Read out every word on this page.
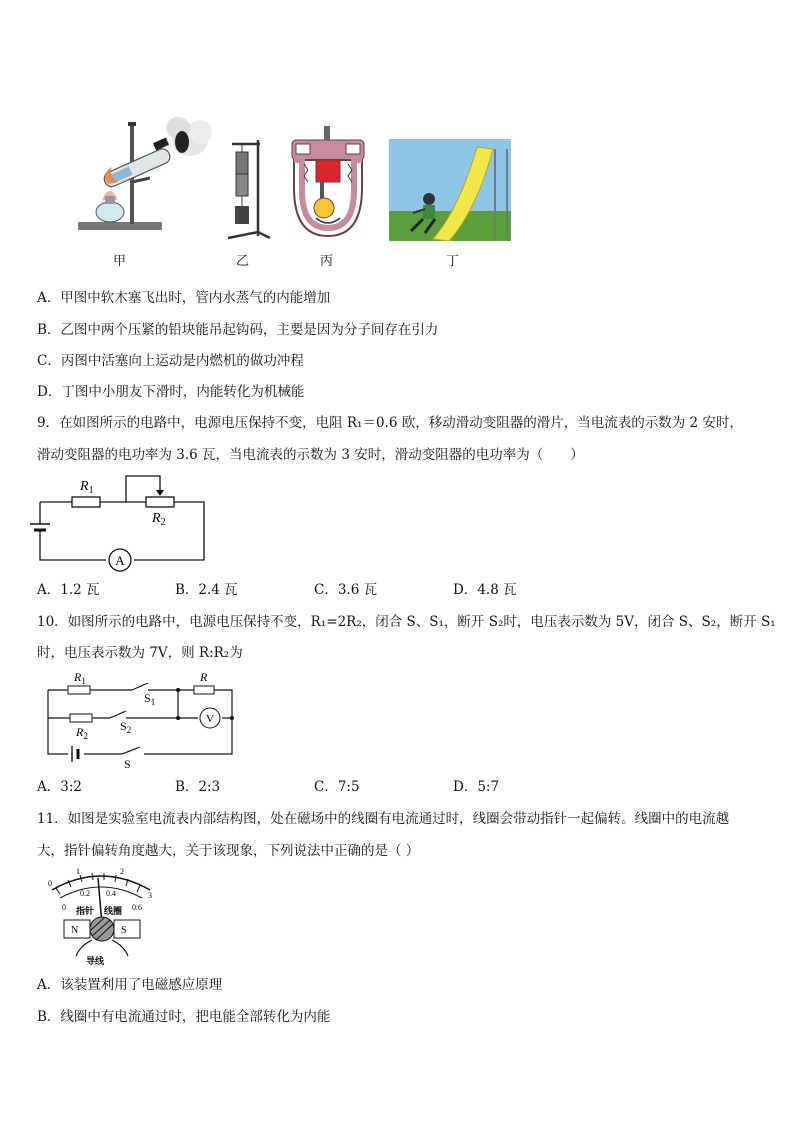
甲	乙	丙	丁
A．甲图中软木塞飞出时，管内水蒸气的内能增加
B．乙图中两个压紧的铅块能吊起钩码，主要是因为分子间存在引力
C．丙图中活塞向上运动是内燃机的做功冲程
D．丁图中小朋友下滑时，内能转化为机械能
9．在如图所示的电路中，电源电压保持不变，电阻 R₁＝0.6 欧，移动滑动变阻器的滑片，当电流表的示数为 2 安时，
滑动变阻器的电功率为 3.6 瓦，当电流表的示数为 3 安时，滑动变阻器的电功率为（　　）
A
$R_1$
$R_2$
A．1.2 瓦	B．2.4 瓦	C．3.6 瓦	D．4.8 瓦
10．如图所示的电路中，电源电压保持不变，R₁=2R₂，闭合 S、S₁，断开 S₂时，电压表示数为 5V，闭合 S、S₂，断开 S₁
时，电压表示数为 7V，则 R:R₂为
V
$R_1$
$R_2$
R
$S_1$
$S_2$
S
A．3:2	B．2:3	C．7:5	D．5:7
11．如图是实验室电流表内部结构图，处在磁场中的线圈有电流通过时，线圈会带动指针一起偏转。线圈中的电流越
大，指针偏转角度越大，关于该现象，下列说法中正确的是（ ）
0
1	2
3
0
0.2 0.4
0.6
指针 线圈
N	S
导线
A．该装置利用了电磁感应原理
B．线圈中有电流通过时，把电能全部转化为内能
